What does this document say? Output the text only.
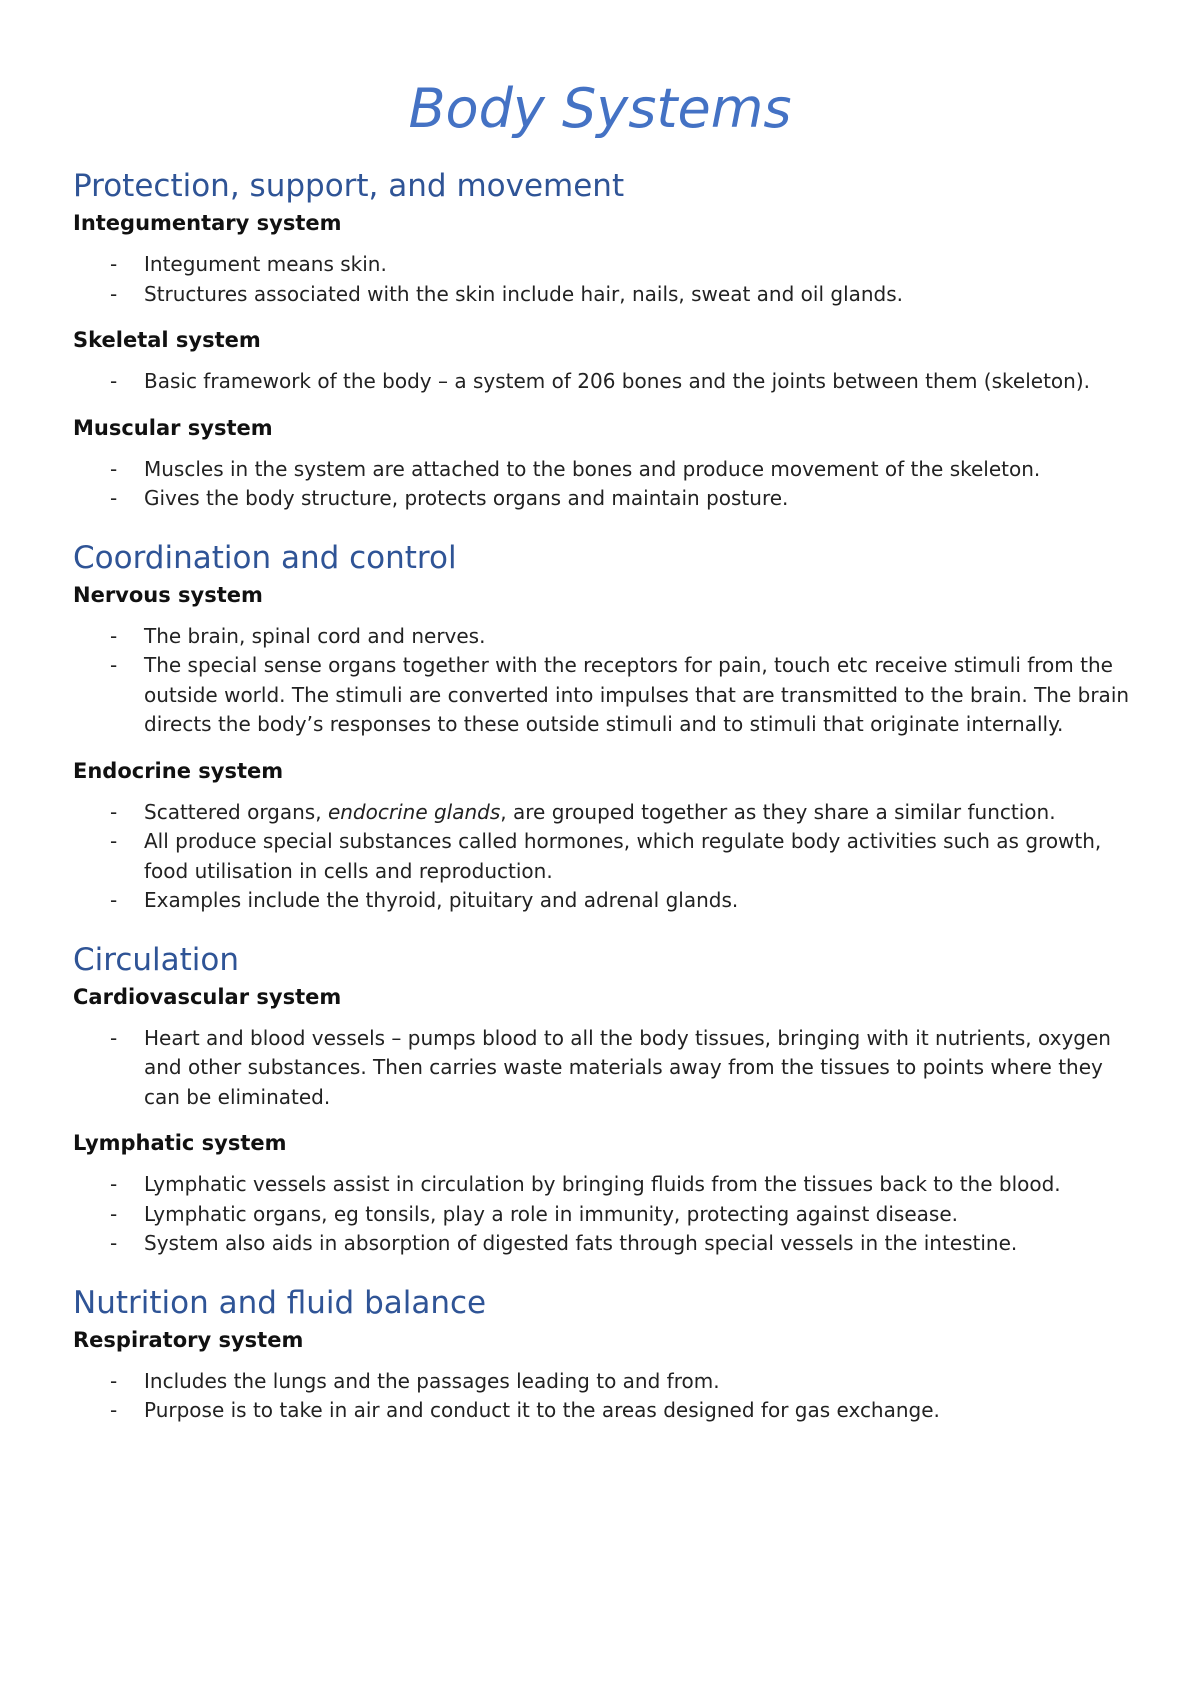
Body Systems
Protection, support, and movement
Integumentary system
- Integument means skin.
- Structures associated with the skin include hair, nails, sweat and oil glands.
Skeletal system
- Basic framework of the body – a system of 206 bones and the joints between them (skeleton).
Muscular system
- Muscles in the system are attached to the bones and produce movement of the skeleton.
- Gives the body structure, protects organs and maintain posture.
Coordination and control
Nervous system
- The brain, spinal cord and nerves.
- The special sense organs together with the receptors for pain, touch etc receive stimuli from the outside world. The stimuli are converted into impulses that are transmitted to the brain. The brain directs the body’s responses to these outside stimuli and to stimuli that originate internally.
Endocrine system
- Scattered organs, endocrine glands, are grouped together as they share a similar function.
- All produce special substances called hormones, which regulate body activities such as growth, food utilisation in cells and reproduction.
- Examples include the thyroid, pituitary and adrenal glands.
Circulation
Cardiovascular system
- Heart and blood vessels – pumps blood to all the body tissues, bringing with it nutrients, oxygen and other substances. Then carries waste materials away from the tissues to points where they can be eliminated.
Lymphatic system
- Lymphatic vessels assist in circulation by bringing fluids from the tissues back to the blood.
- Lymphatic organs, eg tonsils, play a role in immunity, protecting against disease.
- System also aids in absorption of digested fats through special vessels in the intestine.
Nutrition and fluid balance
Respiratory system
- Includes the lungs and the passages leading to and from.
- Purpose is to take in air and conduct it to the areas designed for gas exchange.
